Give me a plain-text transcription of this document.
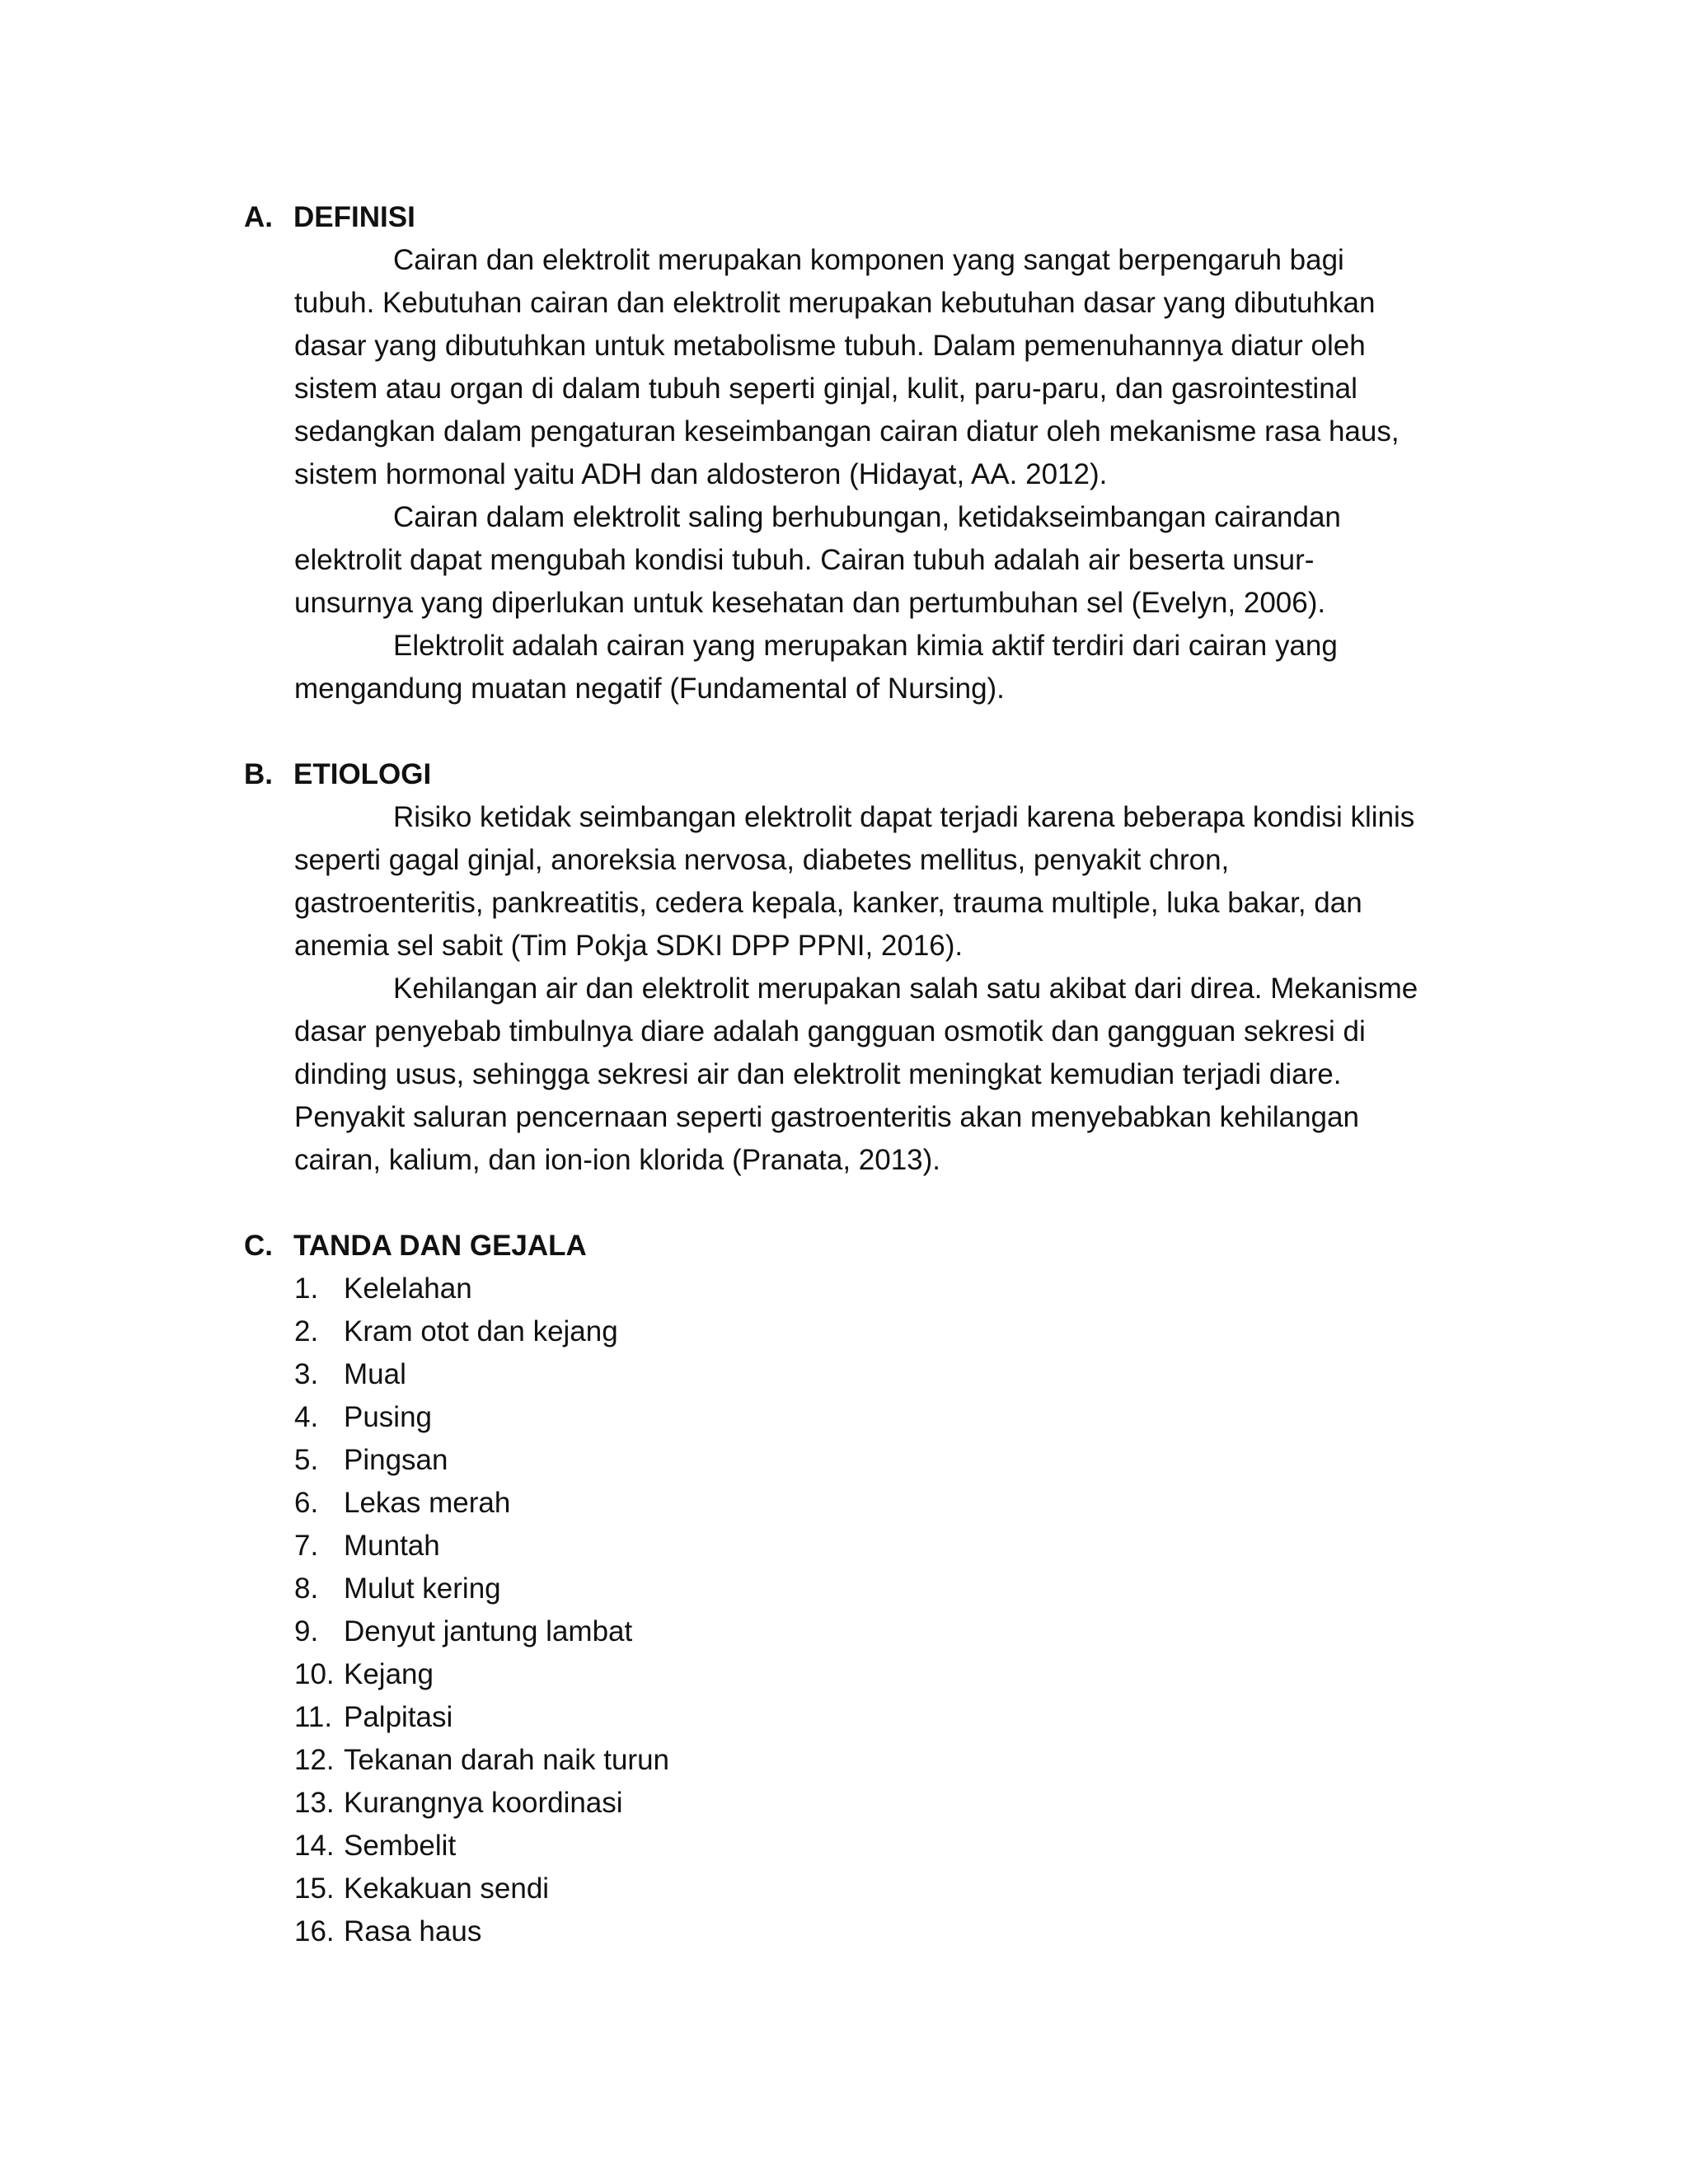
A. DEFINISI
Cairan dan elektrolit merupakan komponen yang sangat berpengaruh bagi
tubuh. Kebutuhan cairan dan elektrolit merupakan kebutuhan dasar yang dibutuhkan
dasar yang dibutuhkan untuk metabolisme tubuh. Dalam pemenuhannya diatur oleh
sistem atau organ di dalam tubuh seperti ginjal, kulit, paru-paru, dan gasrointestinal
sedangkan dalam pengaturan keseimbangan cairan diatur oleh mekanisme rasa haus,
sistem hormonal yaitu ADH dan aldosteron (Hidayat, AA. 2012).
Cairan dalam elektrolit saling berhubungan, ketidakseimbangan cairandan
elektrolit dapat mengubah kondisi tubuh. Cairan tubuh adalah air beserta unsur-
unsurnya yang diperlukan untuk kesehatan dan pertumbuhan sel (Evelyn, 2006).
Elektrolit adalah cairan yang merupakan kimia aktif terdiri dari cairan yang
mengandung muatan negatif (Fundamental of Nursing).
B. ETIOLOGI
Risiko ketidak seimbangan elektrolit dapat terjadi karena beberapa kondisi klinis
seperti gagal ginjal, anoreksia nervosa, diabetes mellitus, penyakit chron,
gastroenteritis, pankreatitis, cedera kepala, kanker, trauma multiple, luka bakar, dan
anemia sel sabit (Tim Pokja SDKI DPP PPNI, 2016).
Kehilangan air dan elektrolit merupakan salah satu akibat dari direa. Mekanisme
dasar penyebab timbulnya diare adalah gangguan osmotik dan gangguan sekresi di
dinding usus, sehingga sekresi air dan elektrolit meningkat kemudian terjadi diare.
Penyakit saluran pencernaan seperti gastroenteritis akan menyebabkan kehilangan
cairan, kalium, dan ion-ion klorida (Pranata, 2013).
C. TANDA DAN GEJALA
1. Kelelahan
2. Kram otot dan kejang
3. Mual
4. Pusing
5. Pingsan
6. Lekas merah
7. Muntah
8. Mulut kering
9. Denyut jantung lambat
10. Kejang
11. Palpitasi
12. Tekanan darah naik turun
13. Kurangnya koordinasi
14. Sembelit
15. Kekakuan sendi
16. Rasa haus
